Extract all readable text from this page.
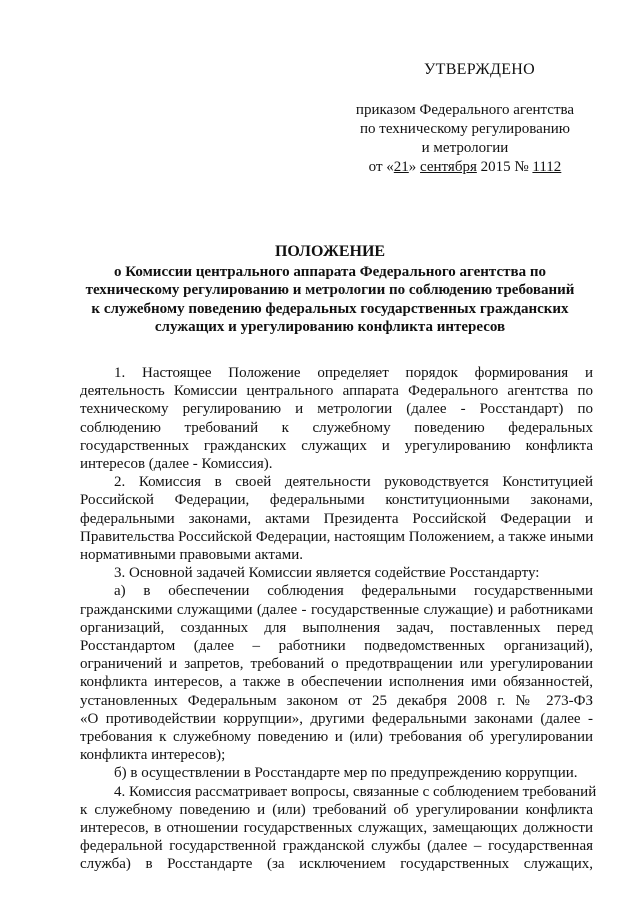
УТВЕРЖДЕНО
приказом Федерального агентства
по техническому регулированию
и метрологии
от «21» сентября 2015 № 1112
ПОЛОЖЕНИЕ
о Комиссии центрального аппарата Федерального агентства по
техническому регулированию и метрологии по соблюдению требований
к служебному поведению федеральных государственных гражданских
служащих и урегулированию конфликта интересов

1. Настоящее Положение определяет порядок формирования и
деятельность Комиссии центрального аппарата Федерального агентства по
техническому регулированию и метрологии (далее - Росстандарт) по
соблюдению требований к служебному поведению федеральных
государственных гражданских служащих и урегулированию конфликта
интересов (далее - Комиссия).

2. Комиссия в своей деятельности руководствуется Конституцией
Российской Федерации, федеральными конституционными законами,
федеральными законами, актами Президента Российской Федерации и
Правительства Российской Федерации, настоящим Положением, а также иными
нормативными правовыми актами.

3. Основной задачей Комиссии является содействие Росстандарту:

а) в обеспечении соблюдения федеральными государственными
гражданскими служащими (далее - государственные служащие) и работниками
организаций, созданных для выполнения задач, поставленных перед
Росстандартом (далее – работники подведомственных организаций),
ограничений и запретов, требований о предотвращении или урегулировании
конфликта интересов, а также в обеспечении исполнения ими обязанностей,
установленных Федеральным законом от 25 декабря 2008 г. № 273-ФЗ
«О противодействии коррупции», другими федеральными законами (далее -
требования к служебному поведению и (или) требования об урегулировании
конфликта интересов);

б) в осуществлении в Росстандарте мер по предупреждению коррупции.

4. Комиссия рассматривает вопросы, связанные с соблюдением требований
к служебному поведению и (или) требований об урегулировании конфликта
интересов, в отношении государственных служащих, замещающих должности
федеральной государственной гражданской службы (далее – государственная
служба) в Росстандарте (за исключением государственных служащих,
